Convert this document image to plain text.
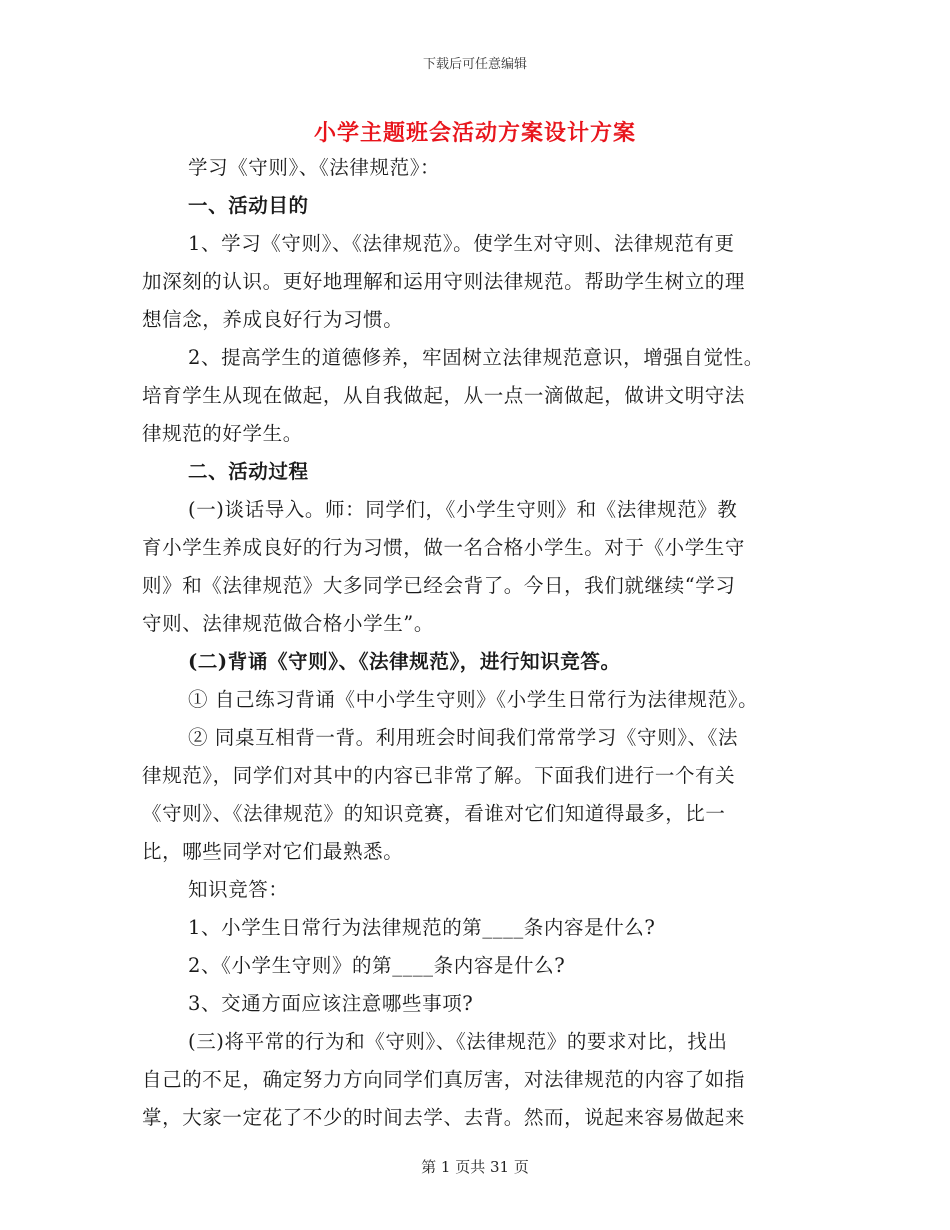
下载后可任意编辑
小学主题班会活动方案设计方案
学习《守则》、《法律规范》：
一、活动目的
1、学习《守则》、《法律规范》。使学生对守则、法律规范有更
加深刻的认识。更好地理解和运用守则法律规范。帮助学生树立的理
想信念，养成良好行为习惯。
2、提高学生的道德修养，牢固树立法律规范意识，增强自觉性。
培育学生从现在做起，从自我做起，从一点一滴做起，做讲文明守法
律规范的好学生。
二、活动过程
(一)谈话导入。师：同学们，《小学生守则》和《法律规范》教
育小学生养成良好的行为习惯，做一名合格小学生。对于《小学生守
则》和《法律规范》大多同学已经会背了。今日，我们就继续“学习
守则、法律规范做合格小学生”。
(二)背诵《守则》、《法律规范》，进行知识竞答。
① 自己练习背诵《中小学生守则》《小学生日常行为法律规范》。
② 同桌互相背一背。利用班会时间我们常常学习《守则》、《法
律规范》，同学们对其中的内容已非常了解。下面我们进行一个有关
《守则》、《法律规范》的知识竞赛，看谁对它们知道得最多，比一
比，哪些同学对它们最熟悉。
知识竞答：
1、小学生日常行为法律规范的第____条内容是什么?
2、《小学生守则》的第____条内容是什么?
3、交通方面应该注意哪些事项?
(三)将平常的行为和《守则》、《法律规范》的要求对比，找出
自己的不足，确定努力方向同学们真厉害，对法律规范的内容了如指
掌，大家一定花了不少的时间去学、去背。然而，说起来容易做起来
第 1 页共 31 页
